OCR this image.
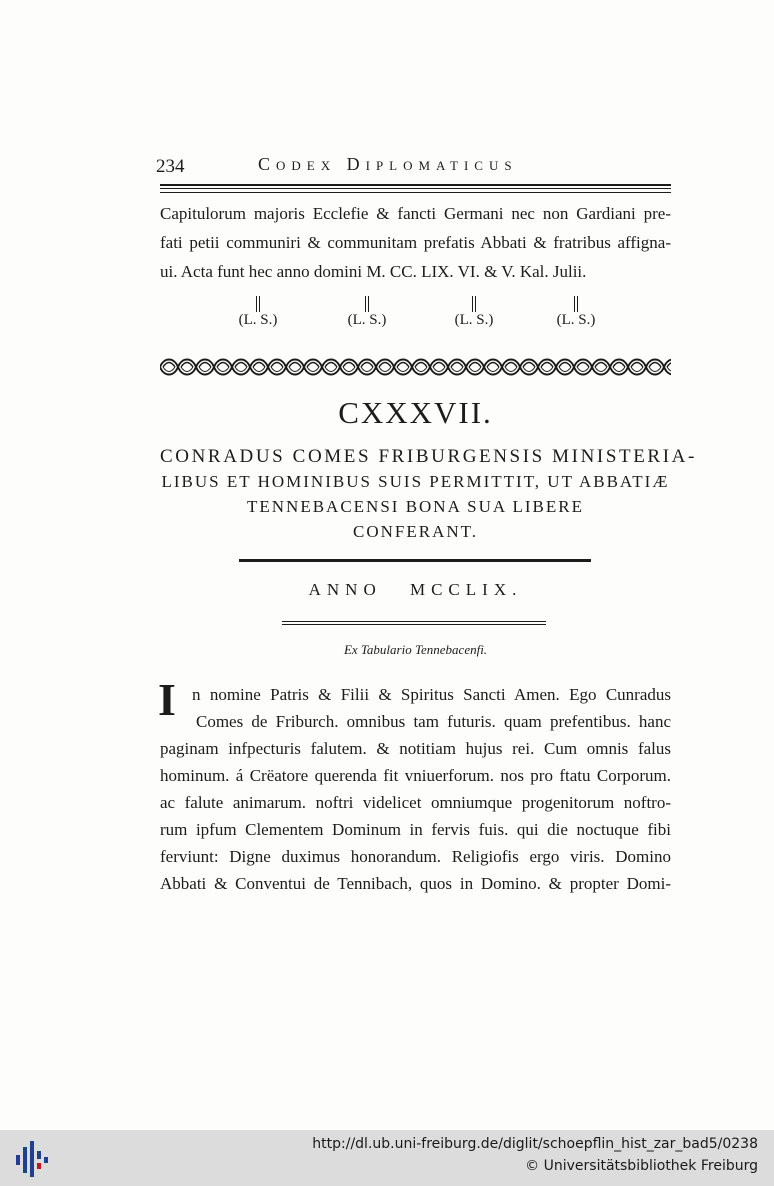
234	Codex Diplomaticus
Capitulorum majoris Ecclefie & fancti Germani nec non Gardiani pre-
fati petii communiri & communitam prefatis Abbati & fratribus affigna-
ui. Acta funt hec anno domini M. CC. LIX. VI. & V. Kal. Julii.
(L. S.)	(L. S.)	(L. S.)	(L. S.)
CXXXVII.
CONRADUS COMES FRIBURGENSIS MINISTERIA-
LIBUS ET HOMINIBUS SUIS PERMITTIT, UT ABBATIÆ
TENNEBACENSI BONA SUA LIBERE
CONFERANT.
ANNO MCCLIX.
Ex Tabulario Tennebacenfi.
I n nomine Patris & Filii & Spiritus Sancti Amen. Ego Cunradus
Comes de Friburch. omnibus tam futuris. quam prefentibus. hanc
paginam infpecturis falutem. & notitiam hujus rei. Cum omnis falus
hominum. á Crëatore querenda fit vniuerforum. nos pro ftatu Corporum.
ac falute animarum. noftri videlicet omniumque progenitorum noftro-
rum ipfum Clementem Dominum in fervis fuis. qui die noctuque fibi
ferviunt: Digne duximus honorandum. Religiofis ergo viris. Domino
Abbati & Conventui de Tennibach, quos in Domino. & propter Domi-
http://dl.ub.uni-freiburg.de/diglit/schoepflin_hist_zar_bad5/0238
© Universitätsbibliothek Freiburg
